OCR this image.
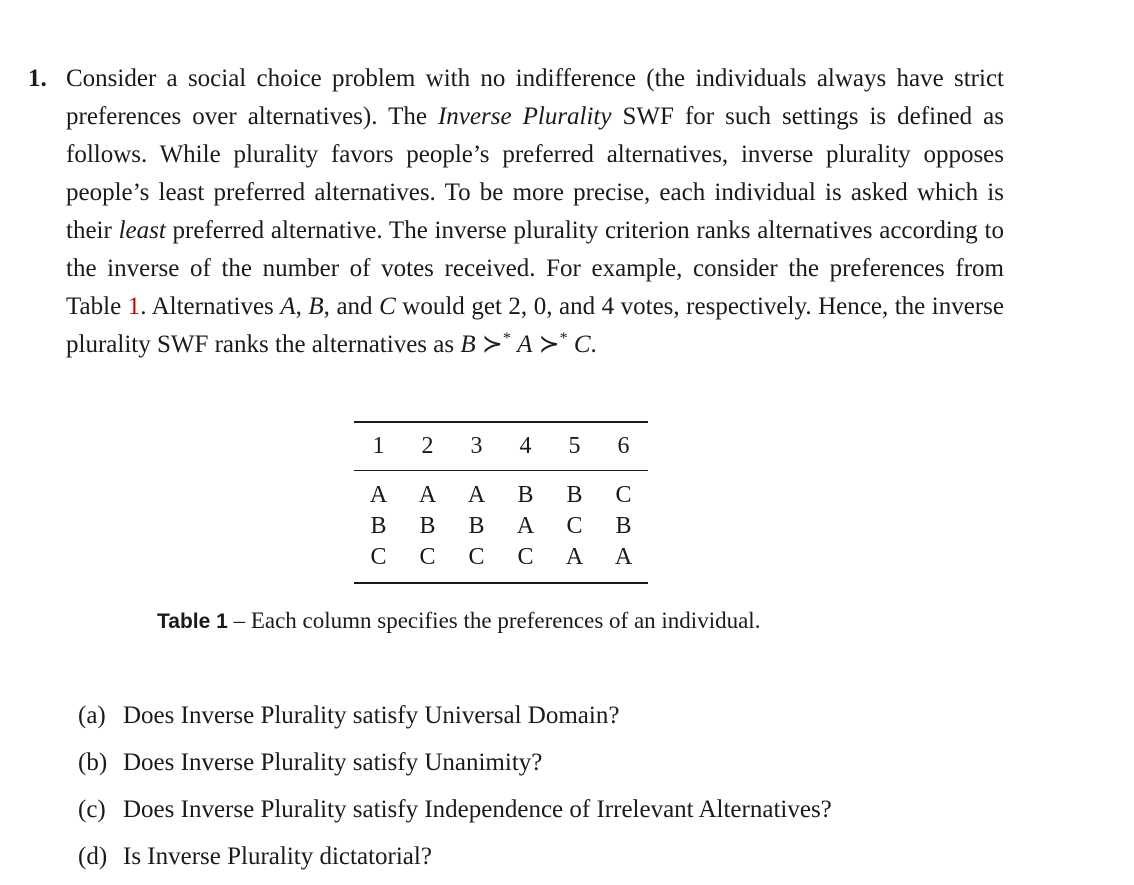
1. Consider a social choice problem with no indifference (the individuals always have strict preferences over alternatives). The Inverse Plurality SWF for such settings is defined as follows. While plurality favors people’s preferred alternatives, inverse plurality opposes people’s least preferred alternatives. To be more precise, each individual is asked which is their least preferred alternative. The inverse plurality criterion ranks alternatives according to the inverse of the number of votes received. For example, consider the preferences from Table 1. Alternatives A, B, and C would get 2, 0, and 4 votes, respectively. Hence, the inverse plurality SWF ranks the alternatives as B ≻* A ≻* C.
1	2	3	4	5	6
A	A	A	B	B	C
B	B	B	A	C	B
C	C	C	C	A	A
Table 1 – Each column specifies the preferences of an individual.
(a) Does Inverse Plurality satisfy Universal Domain?
(b) Does Inverse Plurality satisfy Unanimity?
(c) Does Inverse Plurality satisfy Independence of Irrelevant Alternatives?
(d) Is Inverse Plurality dictatorial?
